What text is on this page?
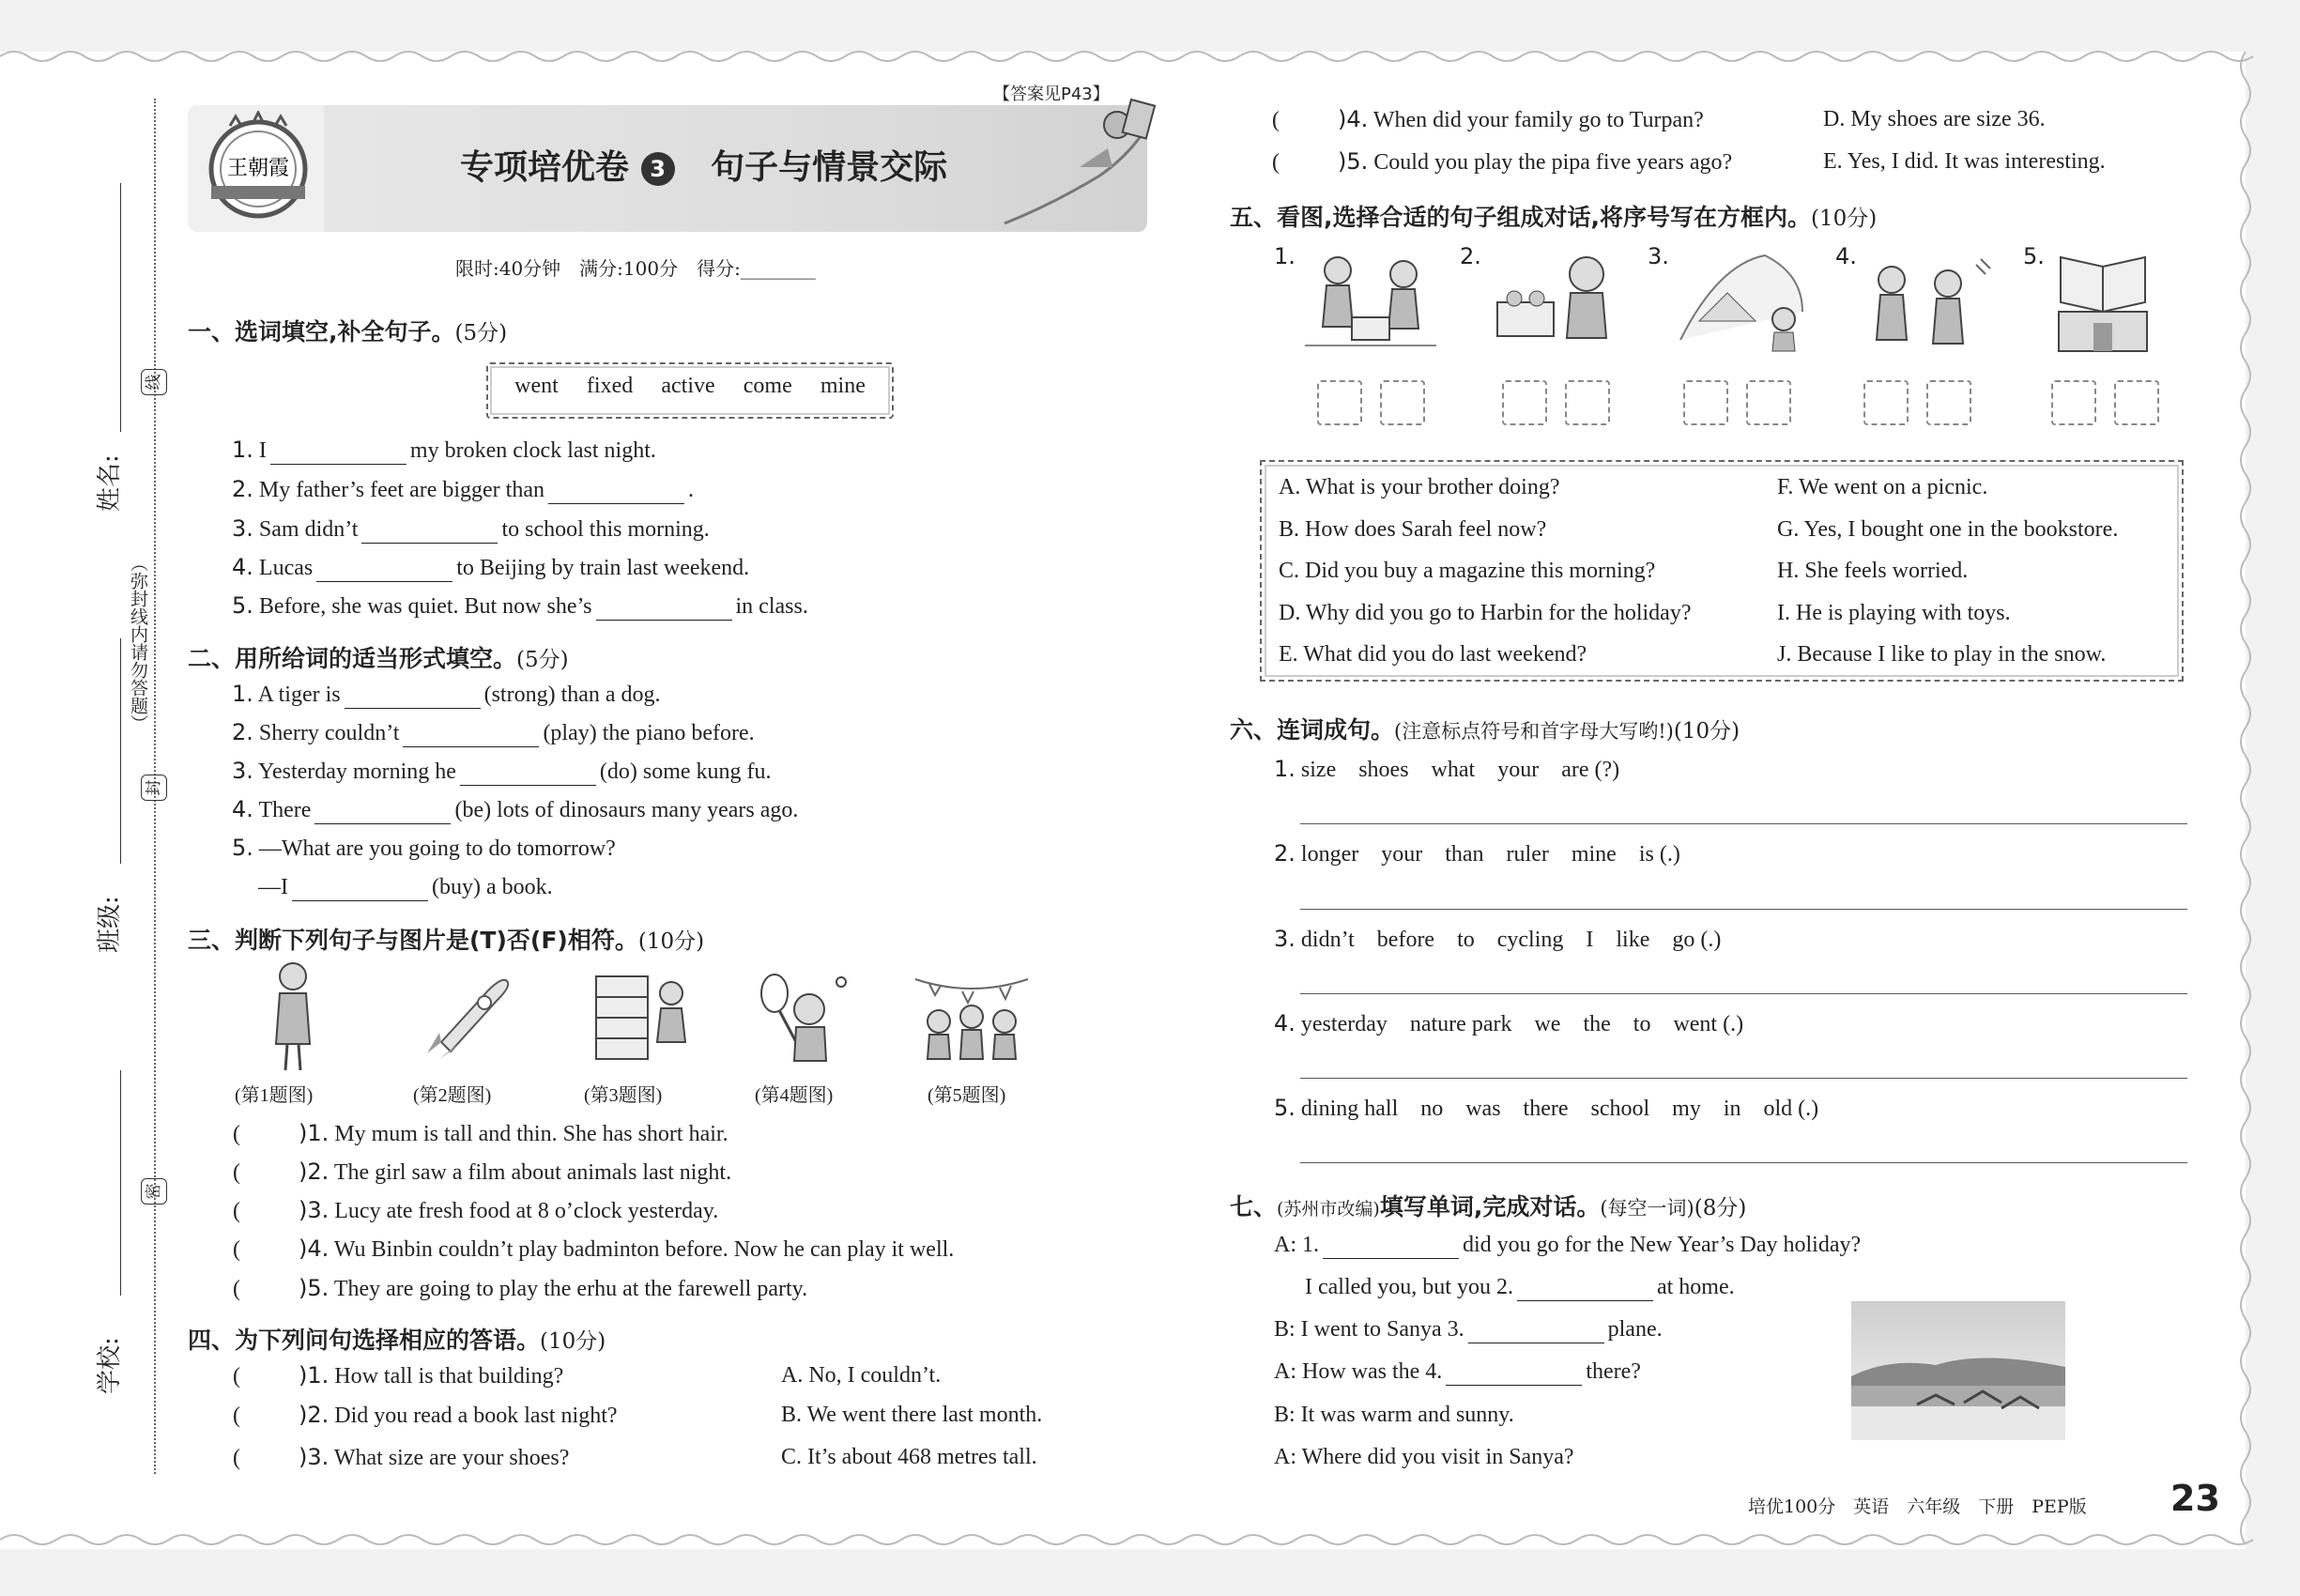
姓名:
班级:
学校:
线
封
密
（弥封线内请勿答题）
王朝霞
【答案见P43】
专项培优卷 3 句子与情景交际
限时:40分钟　满分:100分　得分:________
一、选词填空,补全句子。(5分)
went fixed active come mine
1. I	my broken clock last night.
2. My father’s feet are bigger than	.
3. Sam didn’t	to school this morning.
4. Lucas	to Beijing by train last weekend.
5. Before, she was quiet. But now she’s	in class.
二、用所给词的适当形式填空。(5分)
1. A tiger is	(strong) than a dog.
2. Sherry couldn’t	(play) the piano before.
3. Yesterday morning he	(do) some kung fu.
4. There	(be) lots of dinosaurs many years ago.
5. —What are you going to do tomorrow?
—I	(buy) a book.
三、判断下列句子与图片是(T)否(F)相符。(10分)
(第1题图)	(第2题图)	(第3题图)	(第4题图)	(第5题图)
(	)1. My mum is tall and thin. She has short hair.
(	)2. The girl saw a film about animals last night.
(	)3. Lucy ate fresh food at 8 o’clock yesterday.
(	)4. Wu Binbin couldn’t play badminton before. Now he can play it well.
(	)5. They are going to play the erhu at the farewell party.
四、为下列问句选择相应的答语。(10分)
(	)1. How tall is that building?
(	)2. Did you read a book last night?
(	)3. What size are your shoes?
A. No, I couldn’t.
B. We went there last month.
C. It’s about 468 metres tall.
(	)4. When did your family go to Turpan?
(	)5. Could you play the pipa five years ago?
D. My shoes are size 36.
E. Yes, I did. It was interesting.
五、看图,选择合适的句子组成对话,将序号写在方框内。(10分)
1.	2.	3.	4.	5.
A. What is your brother doing?
B. How does Sarah feel now?
C. Did you buy a magazine this morning?
D. Why did you go to Harbin for the holiday?
E. What did you do last weekend?
F. We went on a picnic.
G. Yes, I bought one in the bookstore.
H. She feels worried.
I. He is playing with toys.
J. Because I like to play in the snow.
六、连词成句。(注意标点符号和首字母大写哟!)(10分)
1. size　shoes　what　your　are (?)
2. longer　your　than　ruler　mine　is (.)
3. didn’t　before　to　cycling　I　like　go (.)
4. yesterday　nature park　we　the　to　went (.)
5. dining hall　no　was　there　school　my　in　old (.)
七、(苏州市改编)填写单词,完成对话。(每空一词)(8分)
A: 1.	did you go for the New Year’s Day holiday?
I called you, but you 2.	at home.
B: I went to Sanya 3.	plane.
A: How was the 4.	there?
B: It was warm and sunny.
A: Where did you visit in Sanya?
培优100分　英语　六年级　下册　PEP版 23
